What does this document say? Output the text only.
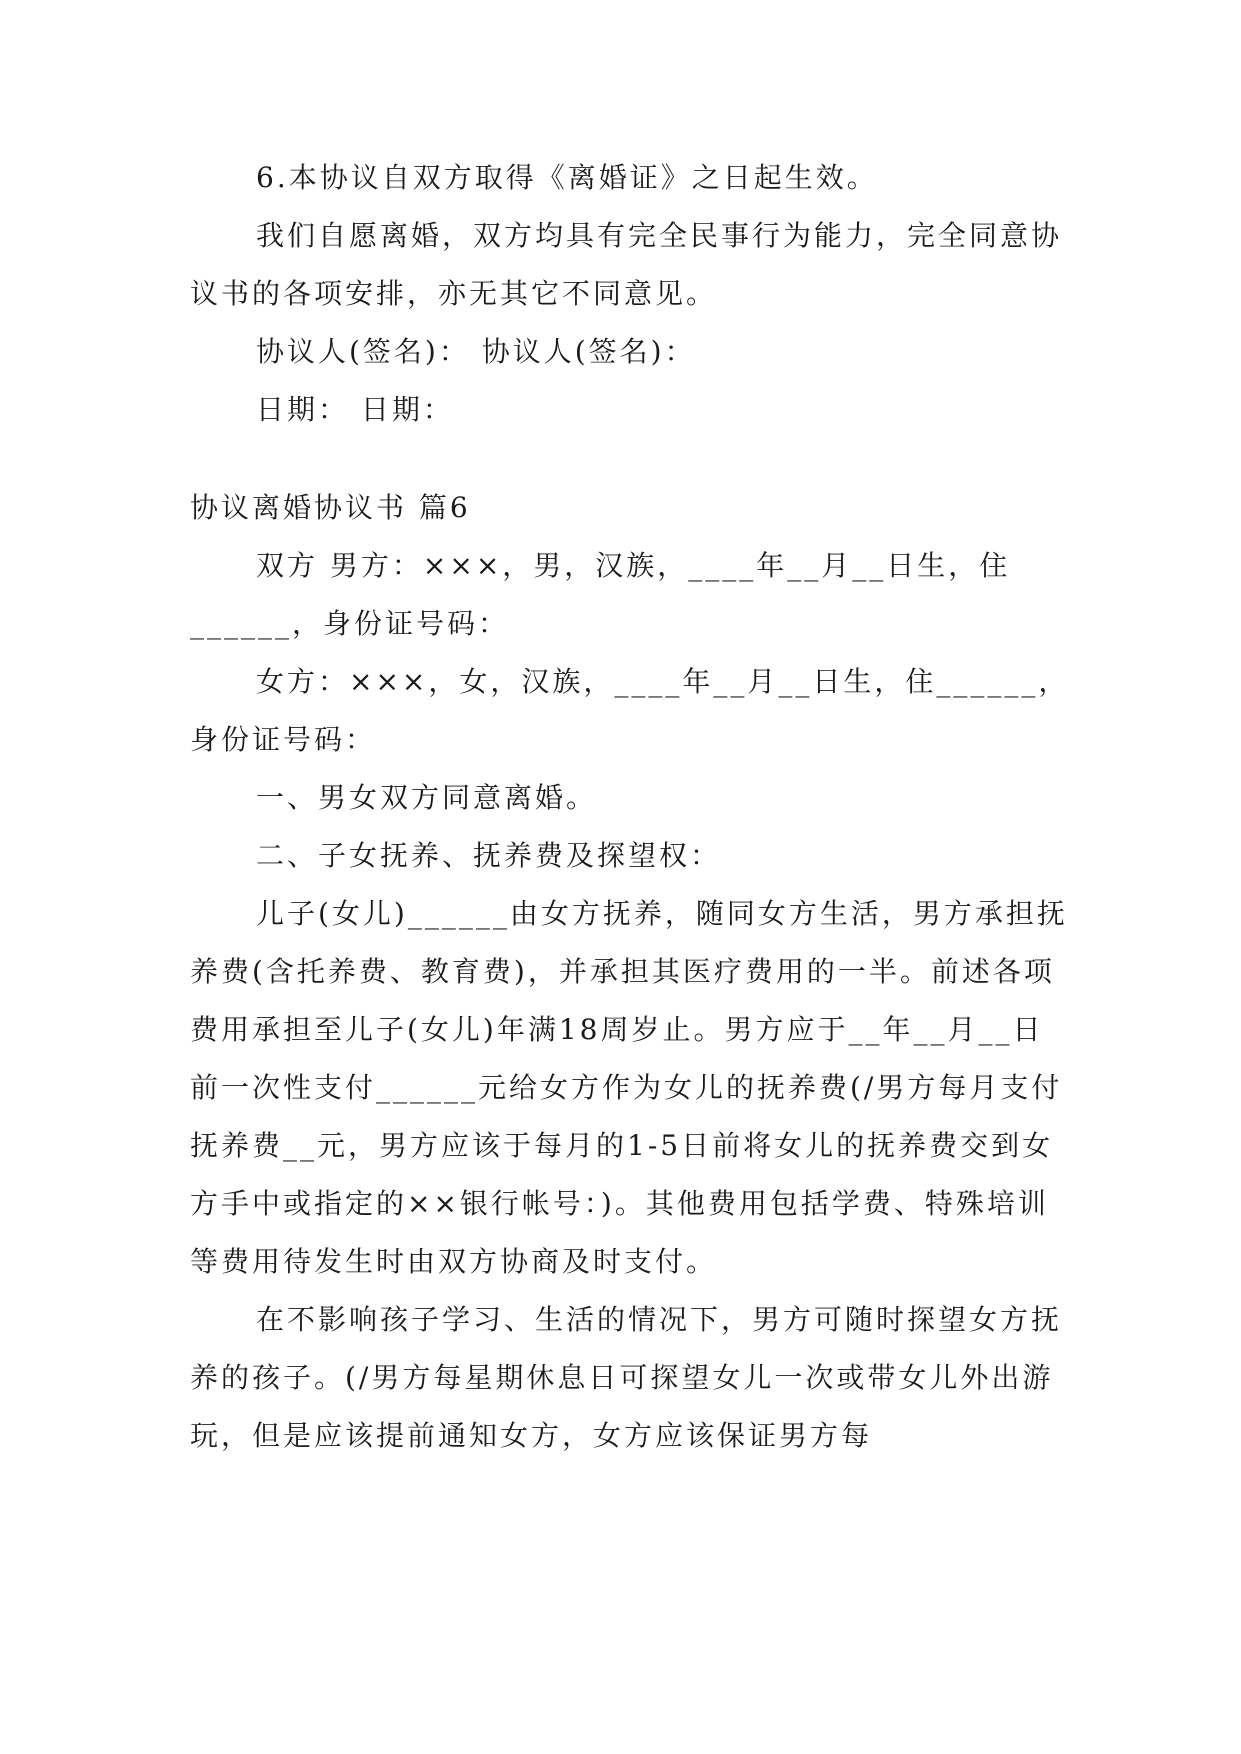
6.本协议自双方取得《离婚证》之日起生效。

我们自愿离婚，双方均具有完全民事行为能力，完全同意协议书的各项安排，亦无其它不同意见。

协议人(签名)： 协议人(签名)：

日期： 日期：

协议离婚协议书 篇6

双方 男方：×××，男，汉族，____年__月__日生，住______，身份证号码：

女方：×××，女，汉族，____年__月__日生，住______，身份证号码：

一、男女双方同意离婚。

二、子女抚养、抚养费及探望权：

儿子(女儿)______由女方抚养，随同女方生活，男方承担抚养费(含托养费、教育费)，并承担其医疗费用的一半。前述各项费用承担至儿子(女儿)年满18周岁止。男方应于__年__月__日前一次性支付______元给女方作为女儿的抚养费(/男方每月支付抚养费__元，男方应该于每月的1-5日前将女儿的抚养费交到女方手中或指定的××银行帐号：)。其他费用包括学费、特殊培训等费用待发生时由双方协商及时支付。

在不影响孩子学习、生活的情况下，男方可随时探望女方抚养的孩子。(/男方每星期休息日可探望女儿一次或带女儿外出游玩，但是应该提前通知女方，女方应该保证男方每
